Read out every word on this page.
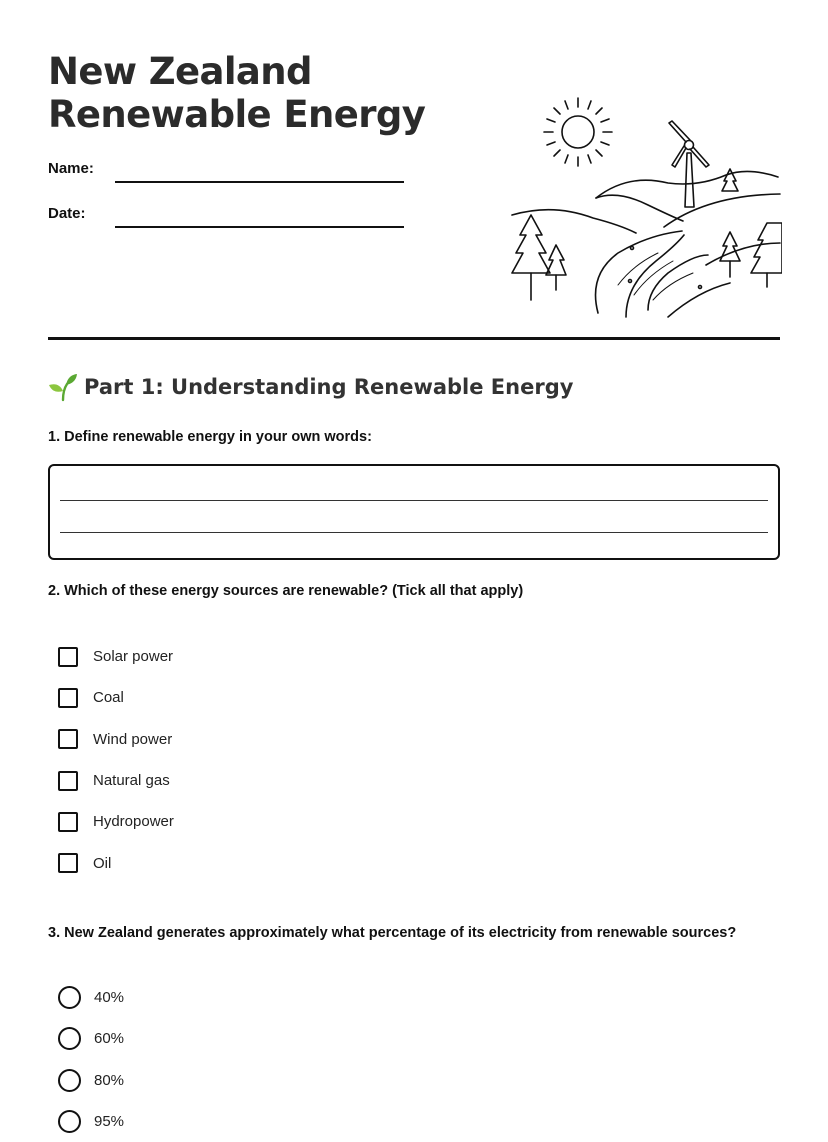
New Zealand
Renewable Energy
Name:
Date:
Part 1: Understanding Renewable Energy

1. Define renewable energy in your own words:

2. Which of these energy sources are renewable? (Tick all that apply)

Solar power
Coal
Wind power
Natural gas
Hydropower
Oil

3. New Zealand generates approximately what percentage of its electricity from renewable sources?

40%
60%
80%
95%
